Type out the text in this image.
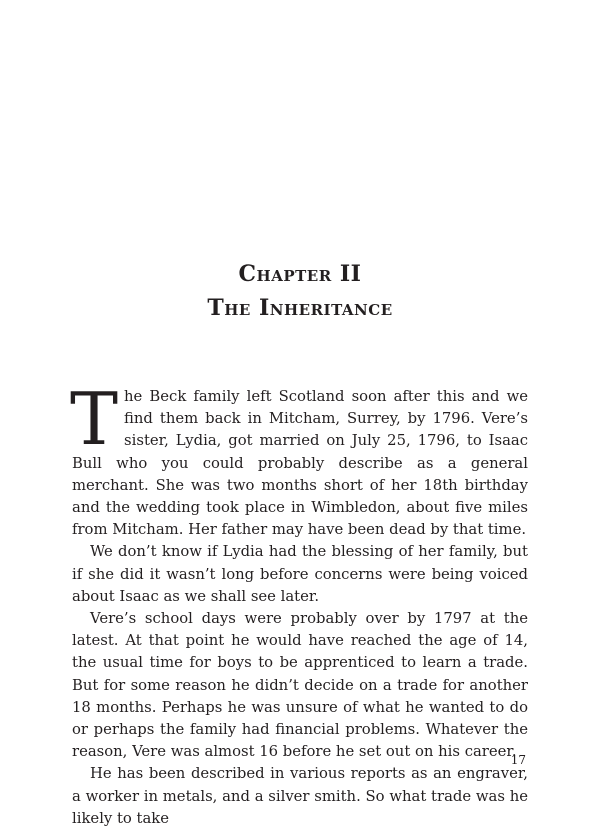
Chapter II
The Inheritance

The Beck family left Scotland soon after this and we find them back in Mitcham, Surrey, by 1796. Vere’s sister, Lydia, got married on July 25, 1796, to Isaac Bull who you could probably describe as a general merchant. She was two months short of her 18th birthday and the wedding took place in Wimbledon, about five miles from Mitcham. Her father may have been dead by that time.

We don’t know if Lydia had the blessing of her family, but if she did it wasn’t long before concerns were being voiced about Isaac as we shall see later.

Vere’s school days were probably over by 1797 at the latest. At that point he would have reached the age of 14, the usual time for boys to be apprenticed to learn a trade. But for some reason he didn’t decide on a trade for another 18 months. Perhaps he was unsure of what he wanted to do or perhaps the family had financial problems. Whatever the reason, Vere was almost 16 before he set out on his career.

He has been described in various reports as an engraver, a worker in metals, and a silver smith. So what trade was he likely to take

17
